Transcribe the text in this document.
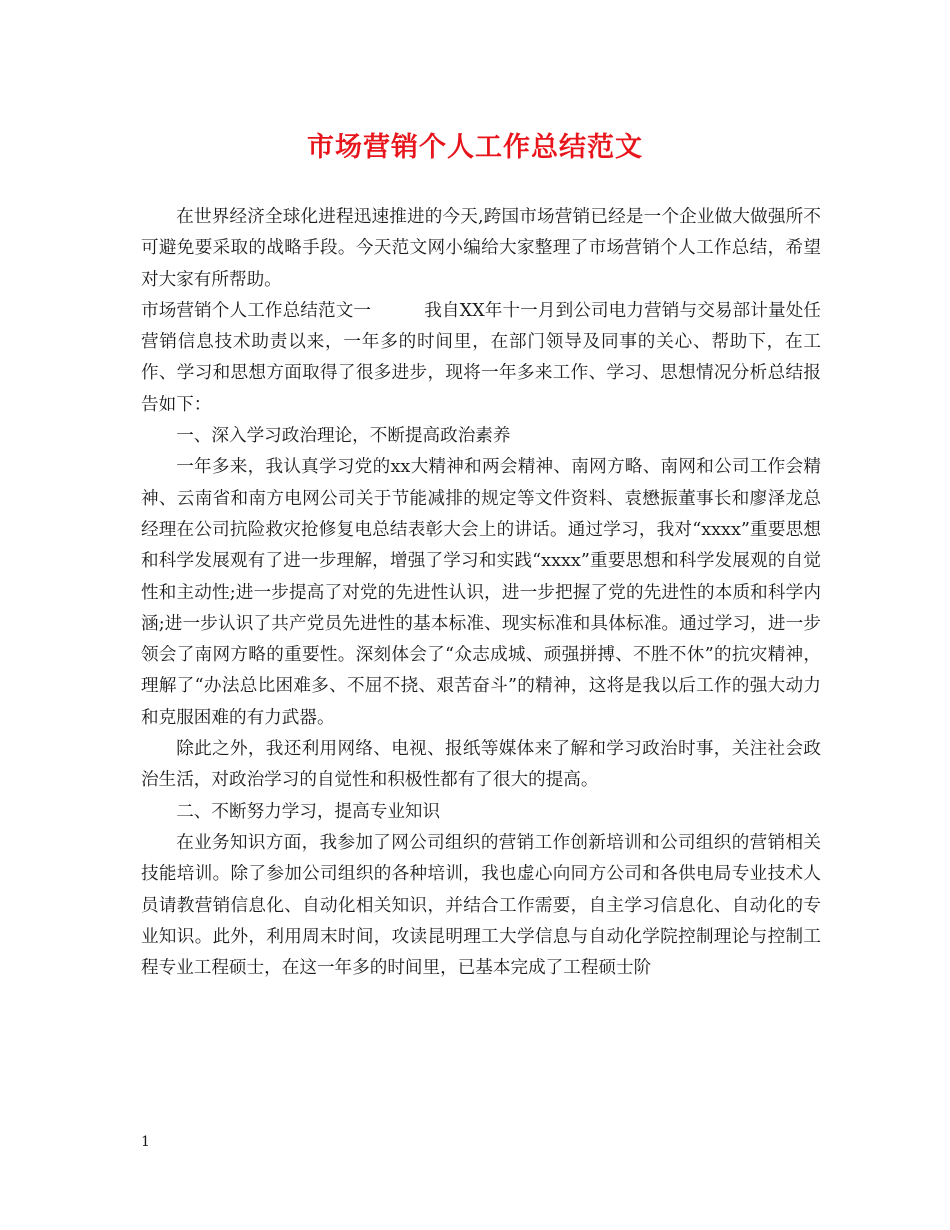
市场营销个人工作总结范文

在世界经济全球化进程迅速推进的今天,跨国市场营销已经是一个企业做大做强所不可避免要采取的战略手段。今天范文网小编给大家整理了市场营销个人工作总结，希望对大家有所帮助。

市场营销个人工作总结范文一　　　我自XX年十一月到公司电力营销与交易部计量处任营销信息技术助责以来，一年多的时间里，在部门领导及同事的关心、帮助下，在工作、学习和思想方面取得了很多进步，现将一年多来工作、学习、思想情况分析总结报告如下：

一、深入学习政治理论，不断提高政治素养

一年多来，我认真学习党的xx大精神和两会精神、南网方略、南网和公司工作会精神、云南省和南方电网公司关于节能减排的规定等文件资料、袁懋振董事长和廖泽龙总经理在公司抗险救灾抢修复电总结表彰大会上的讲话。通过学习，我对“xxxx”重要思想和科学发展观有了进一步理解，增强了学习和实践“xxxx”重要思想和科学发展观的自觉性和主动性;进一步提高了对党的先进性认识，进一步把握了党的先进性的本质和科学内涵;进一步认识了共产党员先进性的基本标准、现实标准和具体标准。通过学习，进一步领会了南网方略的重要性。深刻体会了“众志成城、顽强拼搏、不胜不休”的抗灾精神，理解了“办法总比困难多、不屈不挠、艰苦奋斗”的精神，这将是我以后工作的强大动力和克服困难的有力武器。

除此之外，我还利用网络、电视、报纸等媒体来了解和学习政治时事，关注社会政治生活，对政治学习的自觉性和积极性都有了很大的提高。

二、不断努力学习，提高专业知识

在业务知识方面，我参加了网公司组织的营销工作创新培训和公司组织的营销相关技能培训。除了参加公司组织的各种培训，我也虚心向同方公司和各供电局专业技术人员请教营销信息化、自动化相关知识，并结合工作需要，自主学习信息化、自动化的专业知识。此外，利用周末时间，攻读昆明理工大学信息与自动化学院控制理论与控制工程专业工程硕士，在这一年多的时间里，已基本完成了工程硕士阶

1
